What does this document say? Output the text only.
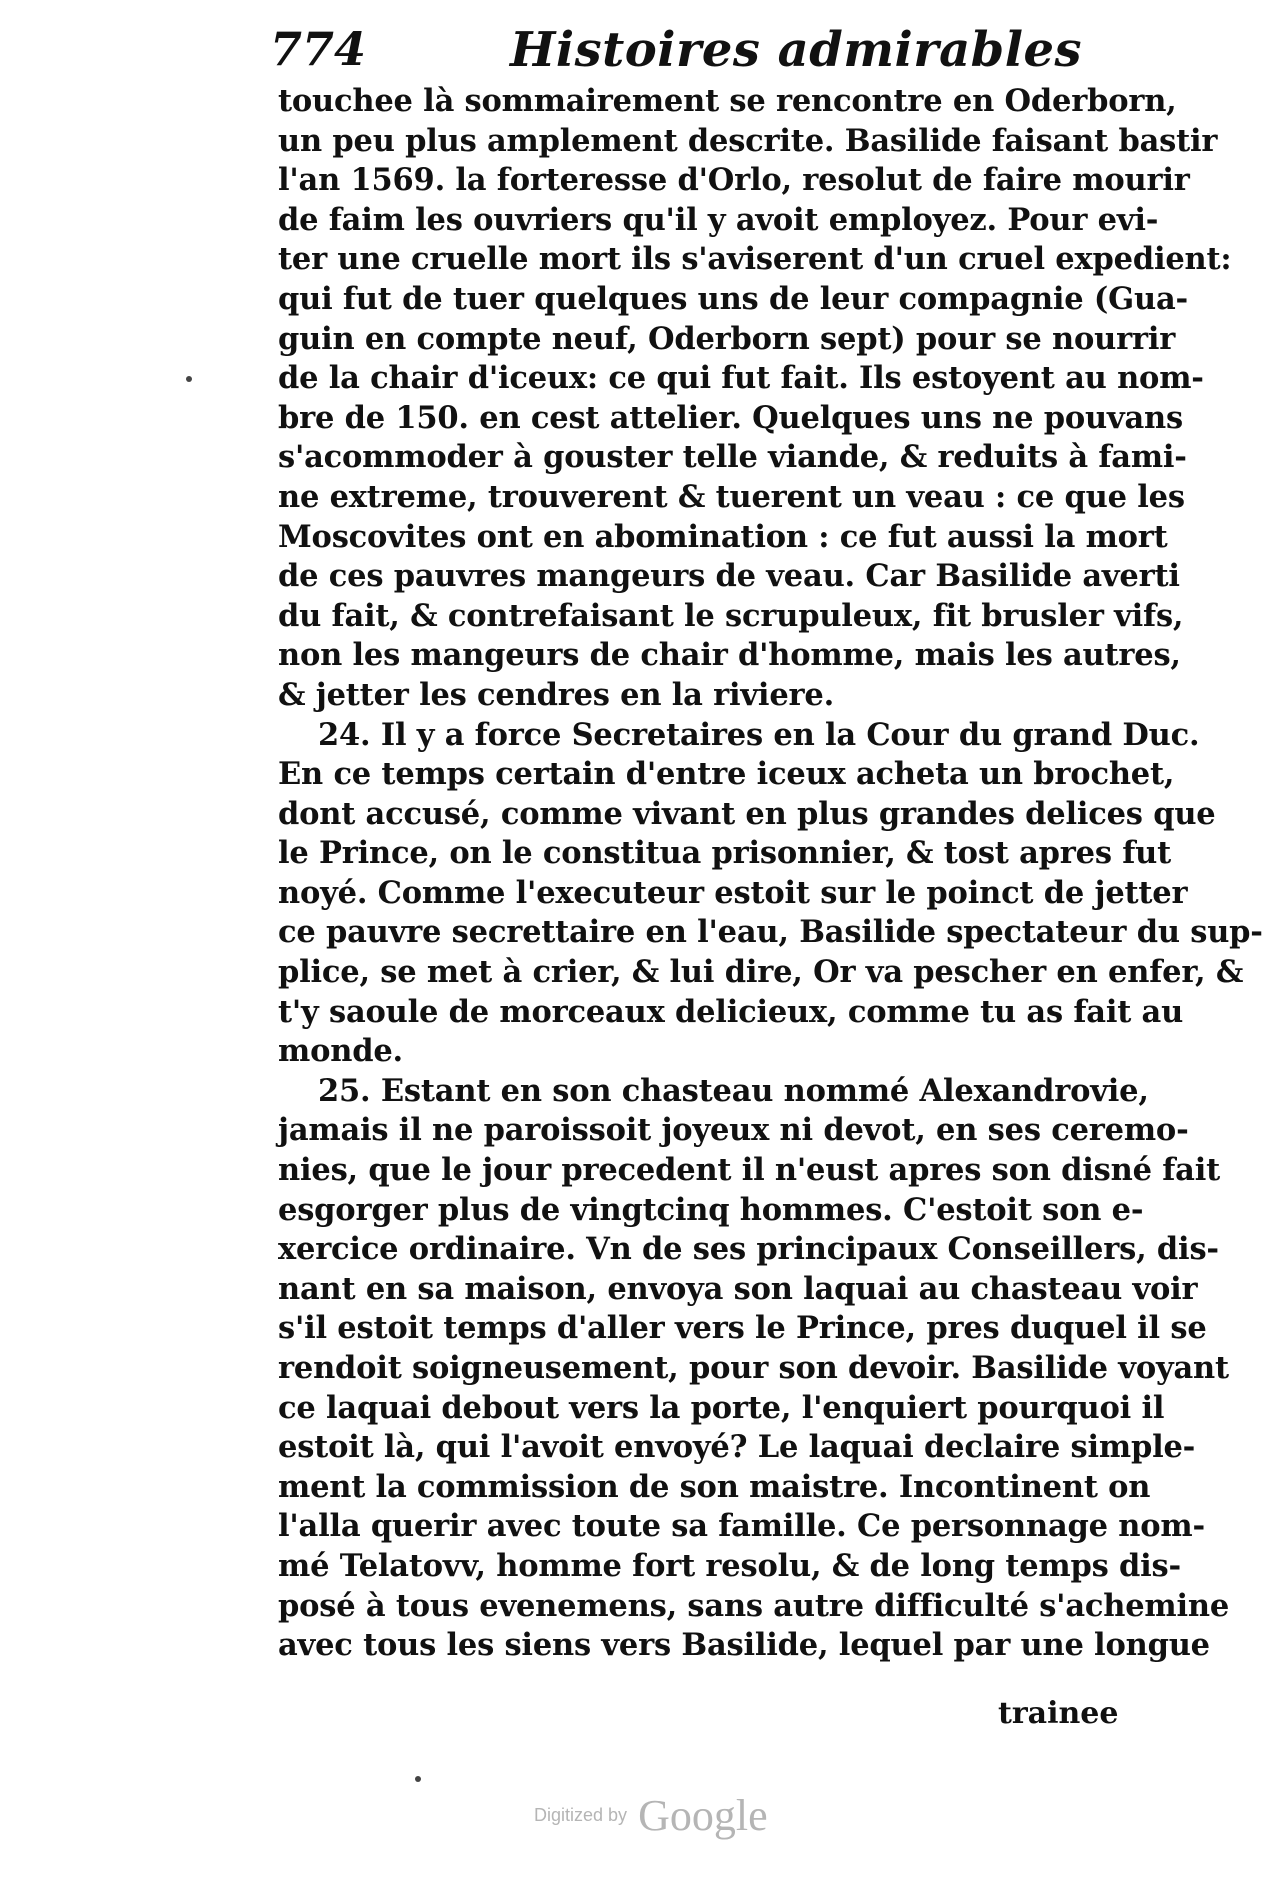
774	Histoires admirables
touchee là sommairement se rencontre en Oderborn,
un peu plus amplement descrite. Basilide faisant bastir
l'an 1569. la forteresse d'Orlo, resolut de faire mourir
de faim les ouvriers qu'il y avoit employez. Pour evi-
ter une cruelle mort ils s'aviserent d'un cruel expedient:
qui fut de tuer quelques uns de leur compagnie (Gua-
guin en compte neuf, Oderborn sept) pour se nourrir
de la chair d'iceux: ce qui fut fait. Ils estoyent au nom-
bre de 150. en cest attelier. Quelques uns ne pouvans
s'acommoder à gouster telle viande, & reduits à fami-
ne extreme, trouverent & tuerent un veau : ce que les
Moscovites ont en abomination : ce fut aussi la mort
de ces pauvres mangeurs de veau. Car Basilide averti
du fait, & contrefaisant le scrupuleux, fit brusler vifs,
non les mangeurs de chair d'homme, mais les autres,
& jetter les cendres en la riviere.
24. Il y a force Secretaires en la Cour du grand Duc.
En ce temps certain d'entre iceux acheta un brochet,
dont accusé, comme vivant en plus grandes delices que
le Prince, on le constitua prisonnier, & tost apres fut
noyé. Comme l'executeur estoit sur le poinct de jetter
ce pauvre secrettaire en l'eau, Basilide spectateur du sup-
plice, se met à crier, & lui dire, Or va pescher en enfer, &
t'y saoule de morceaux delicieux, comme tu as fait au
monde.
25. Estant en son chasteau nommé Alexandrovie,
jamais il ne paroissoit joyeux ni devot, en ses ceremo-
nies, que le jour precedent il n'eust apres son disné fait
esgorger plus de vingtcinq hommes. C'estoit son e-
xercice ordinaire. Vn de ses principaux Conseillers, dis-
nant en sa maison, envoya son laquai au chasteau voir
s'il estoit temps d'aller vers le Prince, pres duquel il se
rendoit soigneusement, pour son devoir. Basilide voyant
ce laquai debout vers la porte, l'enquiert pourquoi il
estoit là, qui l'avoit envoyé? Le laquai declaire simple-
ment la commission de son maistre. Incontinent on
l'alla querir avec toute sa famille. Ce personnage nom-
mé Telatovv, homme fort resolu, & de long temps dis-
posé à tous evenemens, sans autre difficulté s'achemine
avec tous les siens vers Basilide, lequel par une longue
trainee
Digitized by Google
